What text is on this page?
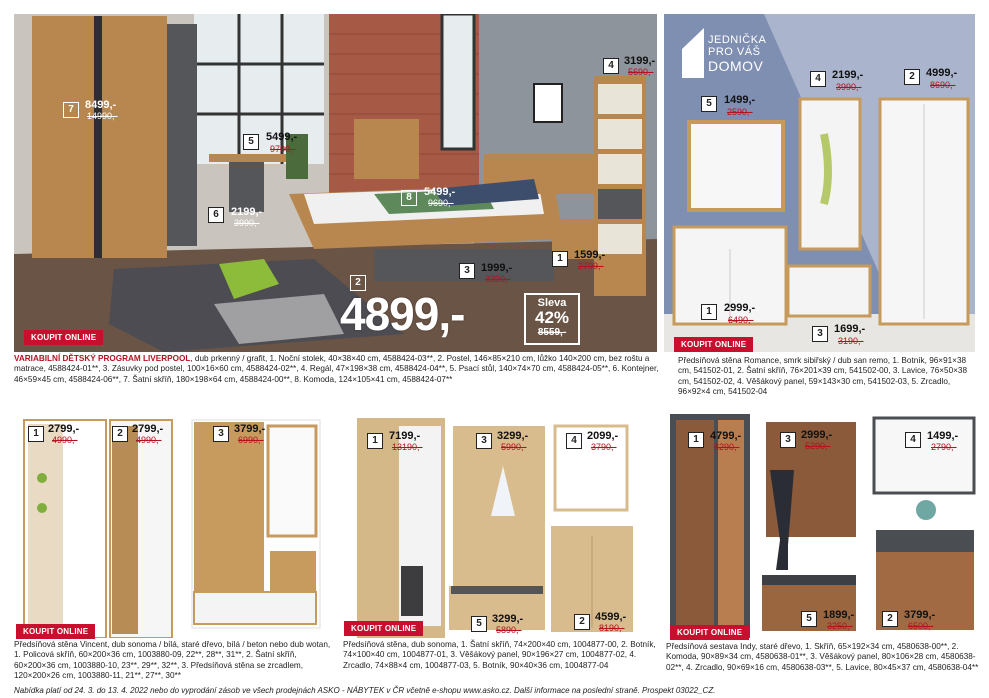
7	8499,-
14990,-
5	5499,-
9700,-
6	2199,-
3990,-
8	5499,-
9690,-
4 3199,-
5690,-
1	1599,-
2799,-
3	1999,-
3390,-
2
4899,-	Sleva
42%
8559,-
KOUPIT ONLINE
VARIABILNÍ DĚTSKÝ PROGRAM LIVERPOOL, dub prkenný / grafit, 1. Noční stolek, 40×38×40 cm, 4588424-03**, 2. Postel, 146×85×210 cm, lůžko 140×200 cm, bez roštu a matrace, 4588424-01**, 3. Zásuvky pod postel, 100×16×60 cm, 4588424-02**, 4. Regál, 47×198×38 cm, 4588424-04**, 5. Psací stůl, 140×74×70 cm, 4588424-05**, 6. Kontejner, 46×59×45 cm, 4588424-06**, 7. Šatní skříň, 180×198×64 cm, 4588424-00**, 8. Komoda, 124×105×41 cm, 4588424-07**
JEDNIČKA
PRO VÁŠ
DOMOV
5	1499,-
2590,-
4	2199,-
3990,-
2	4999,-
8690,-
1	2999,-
6490,-
3	1699,-
3190,-
KOUPIT ONLINE
Předsíňová stěna Romance, smrk sibiřský / dub san remo, 1. Botník, 96×91×38 cm, 541502-01, 2. Šatní skříň, 76×201×39 cm, 541502-00, 3. Lavice, 76×50×38 cm, 541502-02, 4. Věšákový panel, 59×143×30 cm, 541502-03, 5. Zrcadlo, 96×92×4 cm, 541502-04
1 2799,-
4990,-
2 2799,-
4990,-
3 3799,-
6990,-
KOUPIT ONLINE
Předsíňová stěna Vincent, dub sonoma / bílá, staré dřevo, bílá / beton nebo dub wotan, 1. Policová skříň, 60×200×36 cm, 1003880-09, 22**, 28**, 31**, 2. Šatní skříň, 60×200×36 cm, 1003880-10, 23**, 29**, 32**, 3. Předsíňová stěna se zrcadlem, 120×200×26 cm, 1003880-11, 21**, 27**, 30**
1	7199,-
13190,-
3 3299,-
5990,-
4 2099,-
3790,-
5 3299,-
5890,-
2 4599,-
8190,-
KOUPIT ONLINE
Předsíňová stěna, dub sonoma, 1. Šatní skříň, 74×200×40 cm, 1004877-00, 2. Botník, 74×100×40 cm, 1004877-01, 3. Věšákový panel, 90×196×27 cm, 1004877-02, 4. Zrcadlo, 74×88×4 cm, 1004877-03, 5. Botník, 90×40×36 cm, 1004877-04
1	4799,-
8290,-
3 2999,-
5290,-
4	1499,-
2790,-
5	1899,-
3250,-
2	3799,-
6500,-
KOUPIT ONLINE
Předsíňová sestava Indy, staré dřevo, 1. Skříň, 65×192×34 cm, 4580638-00**, 2. Komoda, 90×89×34 cm, 4580638-01**, 3. Věšákový panel, 80×106×28 cm, 4580638-02**, 4. Zrcadlo, 90×69×16 cm, 4580638-03**, 5. Lavice, 80×45×37 cm, 4580638-04**
Nabídka platí od 24. 3. do 13. 4. 2022 nebo do vyprodání zásob ve všech prodejnách ASKO - NÁBYTEK v ČR včetně e-shopu www.asko.cz. Další informace na poslední straně. Prospekt 03022_CZ.
